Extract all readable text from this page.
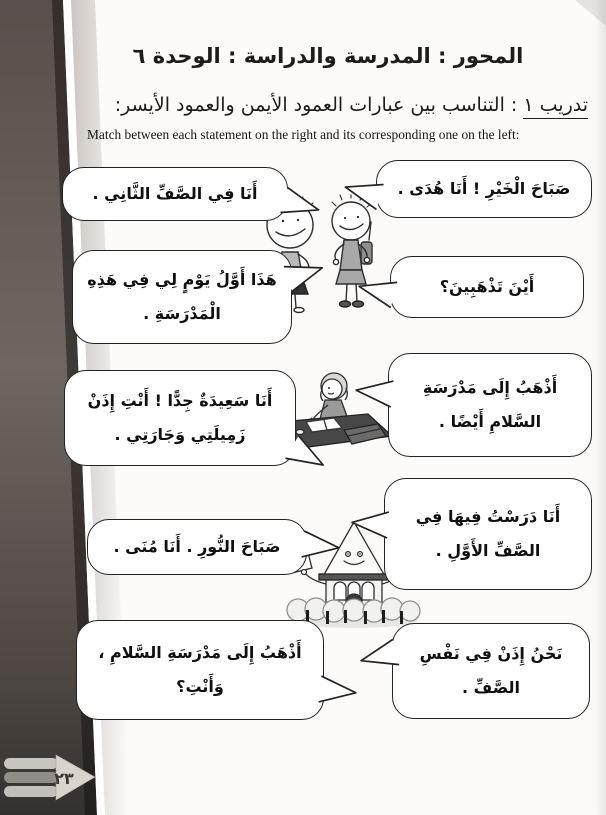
٢٣
المحور : المدرسة والدراسة : الوحدة ٦
تدريب ١ : التناسب بين عبارات العمود الأيمن والعمود الأيسر:
Match between each statement on the right and its corresponding one on the left:
أَنَا فِي الصَّفِّ الثَّانِي .	صَبَاحَ الْخَيْرِ ! أَنَا هُدَى .
هَذَا أَوَّلُ يَوْمٍ لِي فِي هَذِهِ الْمَدْرَسَةِ .
أَيْنَ تَذْهَبِينَ؟
أَنَا سَعِيدَةٌ جِدًّا ! أَنْتِ إِذَنْ زَمِيلَتِي وَجَارَتِي .
أَذْهَبُ إِلَى مَدْرَسَةِ السَّلامِ أَيْضًا .
صَبَاحَ النُّورِ . أَنَا مُنَى .
أَنَا دَرَسْتُ فِيهَا فِي الصَّفِّ الأَوَّلِ .
أَذْهَبُ إِلَى مَدْرَسَةِ السَّلامِ ، وَأَنْتِ؟
نَحْنُ إِذَنْ فِي نَفْسِ الصَّفِّ .
